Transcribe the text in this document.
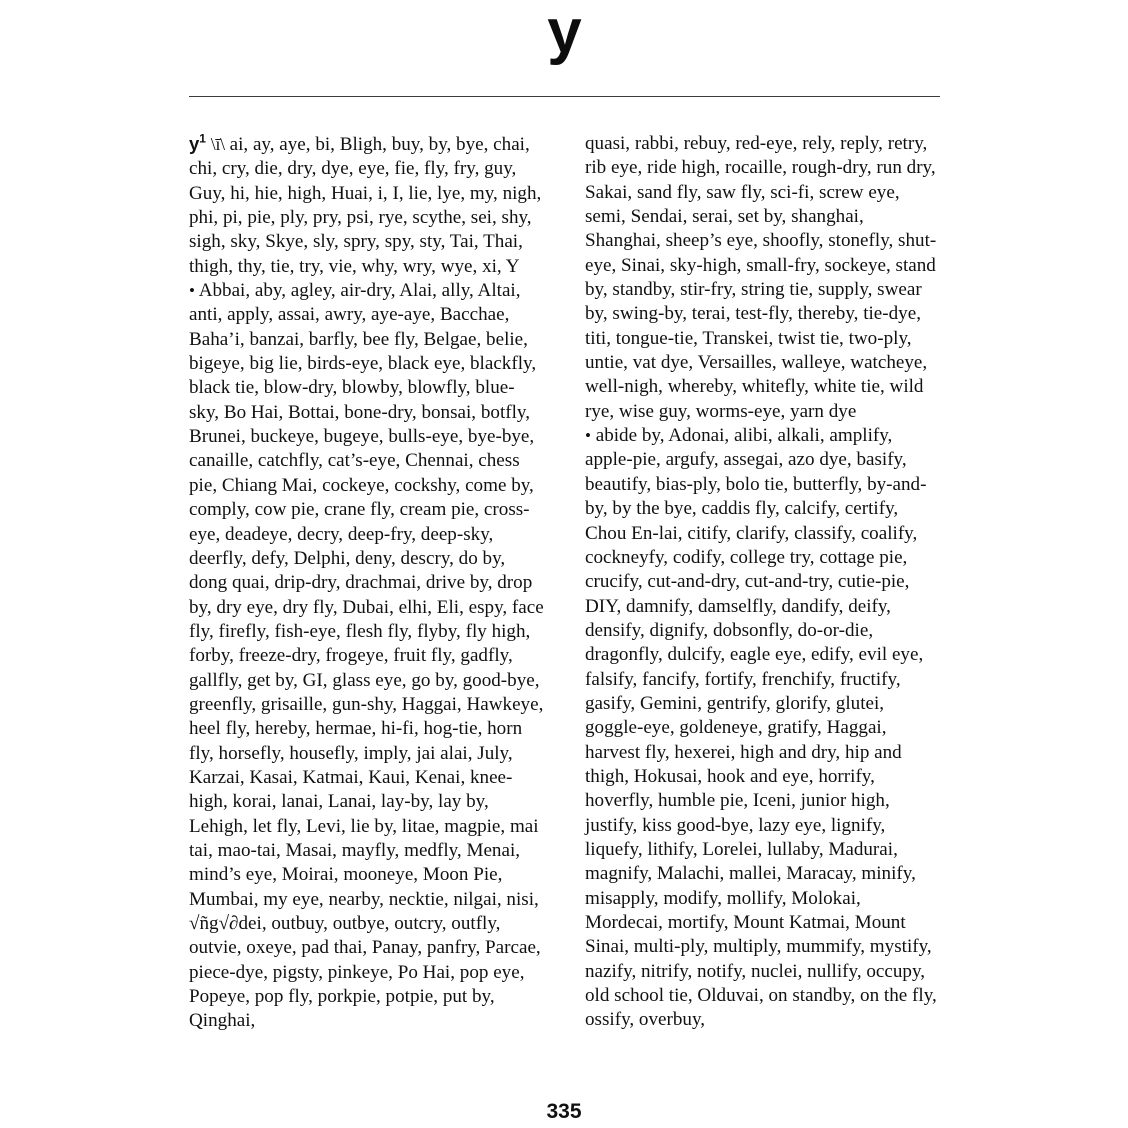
y

$y^1$ \ī\ ai, ay, aye, bi, Bligh, buy, by, bye, chai, chi, cry, die, dry, dye, eye, fie, fly, fry, guy, Guy, hi, hie, high, Huai, i, I, lie, lye, my, nigh, phi, pi, pie, ply, pry, psi, rye, scythe, sei, shy, sigh, sky, Skye, sly, spry, spy, sty, Tai, Thai, thigh, thy, tie, try, vie, why, wry, wye, xi, Y

• Abbai, aby, agley, air-dry, Alai, ally, Altai, anti, apply, assai, awry, aye-aye, Bacchae, Baha’i, banzai, barfly, bee fly, Belgae, belie, bigeye, big lie, birds-eye, black eye, blackfly, black tie, blow-dry, blowby, blowfly, blue-sky, Bo Hai, Bottai, bone-dry, bonsai, botfly, Brunei, buckeye, bugeye, bulls-eye, bye-bye, canaille, catchfly, cat’s-eye, Chennai, chess pie, Chiang Mai, cockeye, cockshy, come by, comply, cow pie, crane fly, cream pie, cross-eye, deadeye, decry, deep-fry, deep-sky, deerfly, defy, Delphi, deny, descry, do by, dong quai, drip-dry, drachmai, drive by, drop by, dry eye, dry fly, Dubai, elhi, Eli, espy, face fly, firefly, fish-eye, flesh fly, flyby, fly high, forby, freeze-dry, frogeye, fruit fly, gadfly, gallfly, get by, GI, glass eye, go by, good-bye, greenfly, grisaille, gun-shy, Haggai, Hawkeye, heel fly, hereby, hermae, hi-fi, hog-tie, horn fly, horsefly, housefly, imply, jai alai, July, Karzai, Kasai, Katmai, Kaui, Kenai, knee-high, korai, lanai, Lanai, lay-by, lay by, Lehigh, let fly, Levi, lie by, litae, magpie, mai tai, mao-tai, Masai, mayfly, medfly, Menai, mind’s eye, Moirai, mooneye, Moon Pie, Mumbai, my eye, nearby, necktie, nilgai, nisi, √ñg√∂dei, outbuy, outbye, outcry, outfly, outvie, oxeye, pad thai, Panay, panfry, Parcae, piece-dye, pigsty, pinkeye, Po Hai, pop eye, Popeye, pop fly, porkpie, potpie, put by, Qinghai,

quasi, rabbi, rebuy, red-eye, rely, reply, retry, rib eye, ride high, rocaille, rough-dry, run dry, Sakai, sand fly, saw fly, sci-fi, screw eye, semi, Sendai, serai, set by, shanghai, Shanghai, sheep’s eye, shoofly, stonefly, shut-eye, Sinai, sky-high, small-fry, sockeye, stand by, standby, stir-fry, string tie, supply, swear by, swing-by, terai, test-fly, thereby, tie-dye, titi, tongue-tie, Transkei, twist tie, two-ply, untie, vat dye, Versailles, walleye, watcheye, well-nigh, whereby, whitefly, white tie, wild rye, wise guy, worms-eye, yarn dye

• abide by, Adonai, alibi, alkali, amplify, apple-pie, argufy, assegai, azo dye, basify, beautify, bias-ply, bolo tie, butterfly, by-and-by, by the bye, caddis fly, calcify, certify, Chou En-lai, citify, clarify, classify, coalify, cockneyfy, codify, college try, cottage pie, crucify, cut-and-dry, cut-and-try, cutie-pie, DIY, damnify, damselfly, dandify, deify, densify, dignify, dobsonfly, do-or-die, dragonfly, dulcify, eagle eye, edify, evil eye, falsify, fancify, fortify, frenchify, fructify, gasify, Gemini, gentrify, glorify, glutei, goggle-eye, goldeneye, gratify, Haggai, harvest fly, hexerei, high and dry, hip and thigh, Hokusai, hook and eye, horrify, hoverfly, humble pie, Iceni, junior high, justify, kiss good-bye, lazy eye, lignify, liquefy, lithify, Lorelei, lullaby, Madurai, magnify, Malachi, mallei, Maracay, minify, misapply, modify, mollify, Molokai, Mordecai, mortify, Mount Katmai, Mount Sinai, multi-ply, multiply, mummify, mystify, nazify, nitrify, notify, nuclei, nullify, occupy, old school tie, Olduvai, on standby, on the fly, ossify, overbuy,

335
